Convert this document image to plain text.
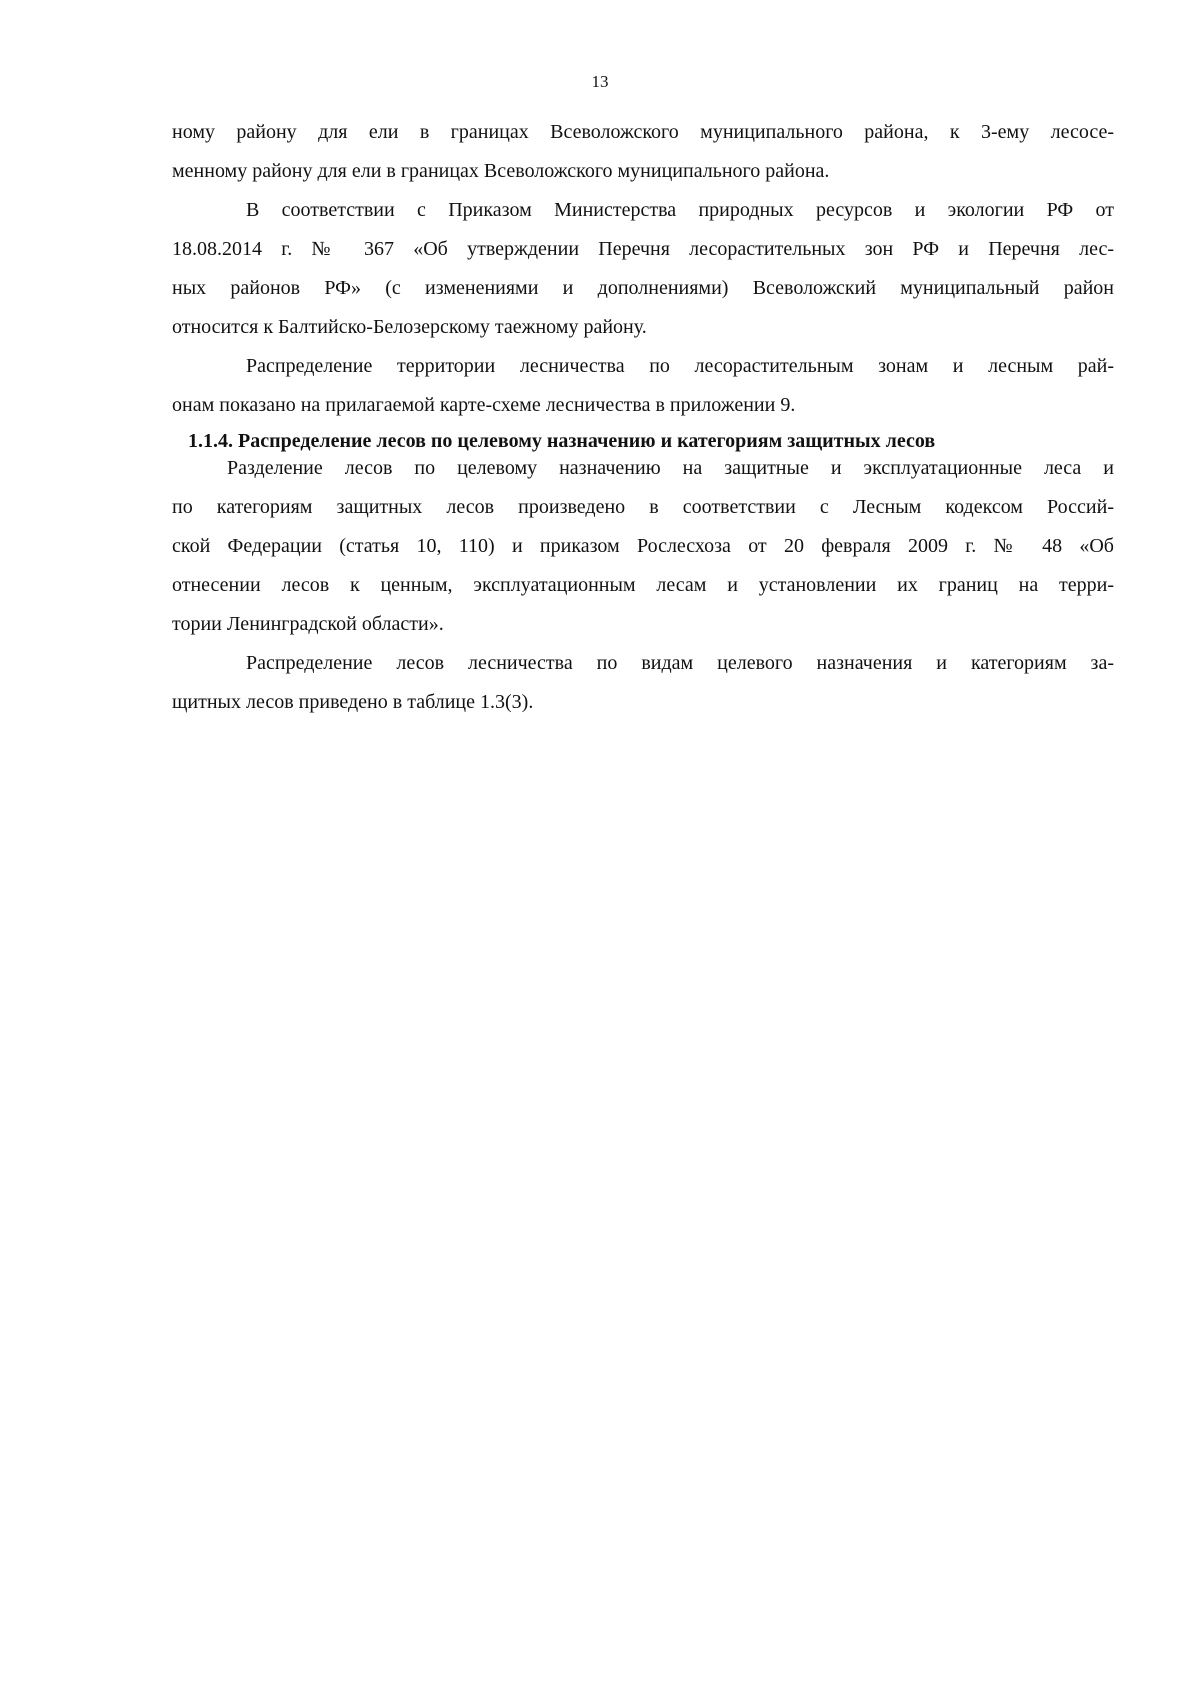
13
ному району для ели в границах Всеволожского муниципального района, к 3-ему лесосе-
менному району для ели в границах Всеволожского муниципального района.
В соответствии с Приказом Министерства природных ресурсов и экологии РФ от
18.08.2014 г. № 367 «Об утверждении Перечня лесорастительных зон РФ и Перечня лес-
ных районов РФ» (с изменениями и дополнениями) Всеволожский муниципальный район
относится к Балтийско-Белозерскому таежному району.
Распределение территории лесничества по лесорастительным зонам и лесным рай-
онам показано на прилагаемой карте-схеме лесничества в приложении 9.
1.1.4. Распределение лесов по целевому назначению и категориям защитных лесов
Разделение лесов по целевому назначению на защитные и эксплуатационные леса и
по категориям защитных лесов произведено в соответствии с Лесным кодексом Россий-
ской Федерации (статья 10, 110) и приказом Рослесхоза от 20 февраля 2009 г. № 48 «Об
отнесении лесов к ценным, эксплуатационным лесам и установлении их границ на терри-
тории Ленинградской области».
Распределение лесов лесничества по видам целевого назначения и категориям за-
щитных лесов приведено в таблице 1.3(3).
